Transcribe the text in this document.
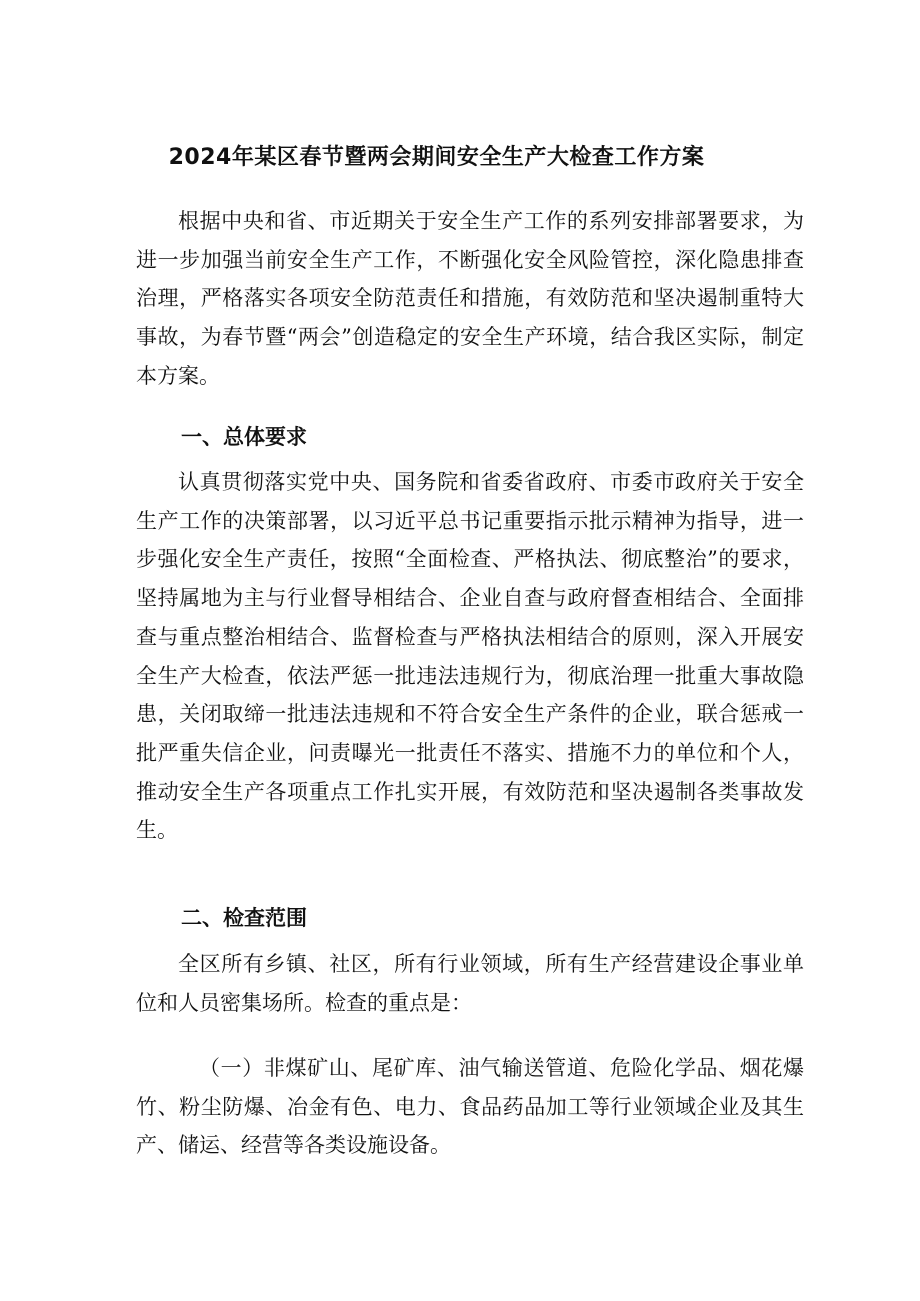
2024年某区春节暨两会期间安全生产大检查工作方案

根据中央和省、市近期关于安全生产工作的系列安排部署要求，为进一步加强当前安全生产工作，不断强化安全风险管控，深化隐患排查治理，严格落实各项安全防范责任和措施，有效防范和坚决遏制重特大事故，为春节暨“两会”创造稳定的安全生产环境，结合我区实际，制定本方案。

一、总体要求

认真贯彻落实党中央、国务院和省委省政府、市委市政府关于安全生产工作的决策部署，以习近平总书记重要指示批示精神为指导，进一步强化安全生产责任，按照“全面检查、严格执法、彻底整治”的要求，坚持属地为主与行业督导相结合、企业自查与政府督查相结合、全面排查与重点整治相结合、监督检查与严格执法相结合的原则，深入开展安全生产大检查，依法严惩一批违法违规行为，彻底治理一批重大事故隐患，关闭取缔一批违法违规和不符合安全生产条件的企业，联合惩戒一批严重失信企业，问责曝光一批责任不落实、措施不力的单位和个人，推动安全生产各项重点工作扎实开展，有效防范和坚决遏制各类事故发生。

二、检查范围

全区所有乡镇、社区，所有行业领域，所有生产经营建设企事业单位和人员密集场所。检查的重点是：

（一）非煤矿山、尾矿库、油气输送管道、危险化学品、烟花爆竹、粉尘防爆、冶金有色、电力、食品药品加工等行业领域企业及其生产、储运、经营等各类设施设备。
